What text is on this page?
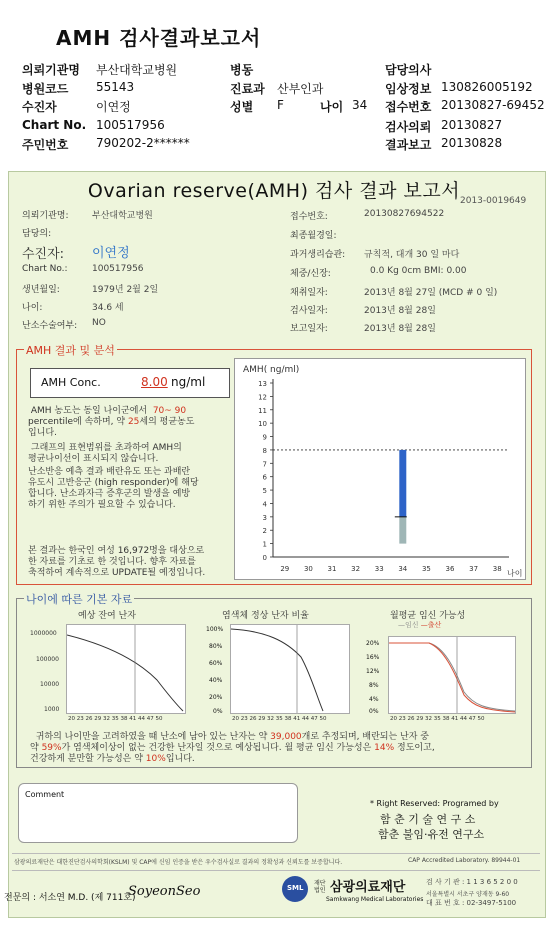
AMH 검사결과보고서
의뢰기관명 부산대학교병원	병동	담당의사
병원코드 55143	진료과 산부인과	임상정보 130826005192
수진자	이연정	성별 F	나이 34 접수번호 20130827-69452
Chart No. 100517956	검사의뢰 20130827
주민번호 790202-2******	결과보고 20130828
Ovarian reserve(AMH) 검사 결과 보고서 2013-0019649
의뢰기관명:	부산대학교병원
담당의:
수진자: 이연정
Chart No.:	100517956
생년월일:	1979년 2월 2일
나이:	34.6 세
난소수술여부: NO
접수번호:	20130827694522
최종월경일:
과거생리습관: 규칙적, 대개 30 일 마다
체중/신장:	0.0 Kg 0cm BMI: 0.00
채취일자:	2013년 8월 27일 (MCD # 0 일)
검사일자:	2013년 8월 28일
보고일자:	2013년 8월 28일
AMH 결과 및 분석
AMH Conc.	8.00 ng/ml
AMH 농도는 동일 나이군에서 70~ 90
percentile에 속하며, 약 25세의 평균농도
입니다.
그래프의 표현범위를 초과하여 AMH의
평균나이선이 표시되지 않습니다.
난소반응 예측 결과 배란유도 또는 과배란
유도시 고반응군 (high responder)에 해당
합니다. 난소과자극 증후군의 발생을 예방
하기 위한 주의가 필요할 수 있습니다.
본 결과는 한국인 여성 16,972명을 대상으로
한 자료를 기초로 한 것입니다. 향후 자료를
축적하여 계속적으로 UPDATE될 예정입니다.
AMH( ng/ml)
0
1
2
3
4
5
6
7
8
9
10
11
12
13
29 30 31 32 33 34 35 36 37 38 나이
나이에 따른 기본 자료
예상 잔여 난자
1000000
100000
10000
1000
20 23 26 29 32 35 38 41 44 47 50
염색체 정상 난자 비율
100%
80%
60%
40%
20%
0%
20 23 26 29 32 35 38 41 44 47 50
월평균 임신 가능성
—임신 —출산
20%
16%
12%
8%
4%
0%
20 23 26 29 32 35 38 41 44 47 50
귀하의 나이만을 고려하였을 때 난소에 남아 있는 난자는 약 39,000개로 추정되며, 배란되는 난자 중
약 59%가 염색체이상이 없는 건강한 난자일 것으로 예상됩니다. 월 평균 임신 가능성은 14% 정도이고,
건강하게 분만할 가능성은 약 10%입니다.
Comment
* Right Reserved: Programed by
함 춘 기 술 연 구 소
함춘 불임·유전 연구소
삼광의료재단은 대한진단검사의학회(KSLM) 및 CAP에 신임 인증을 받은 우수검사실로 결과의 정확성과 신뢰도를 보증합니다.	CAP Accredited Laboratory. 89944-01
전문의 : 서소연 M.D. (제 711호)
SoyeonSeo	SML
재단법인 삼광의료재단
Samkwang Medical Laboratories
검 사 기 관 : 1 1 3 6 5 2 0 0
서울특별시 서초구 양재동 9-60
대 표 번 호 : 02-3497-5100
